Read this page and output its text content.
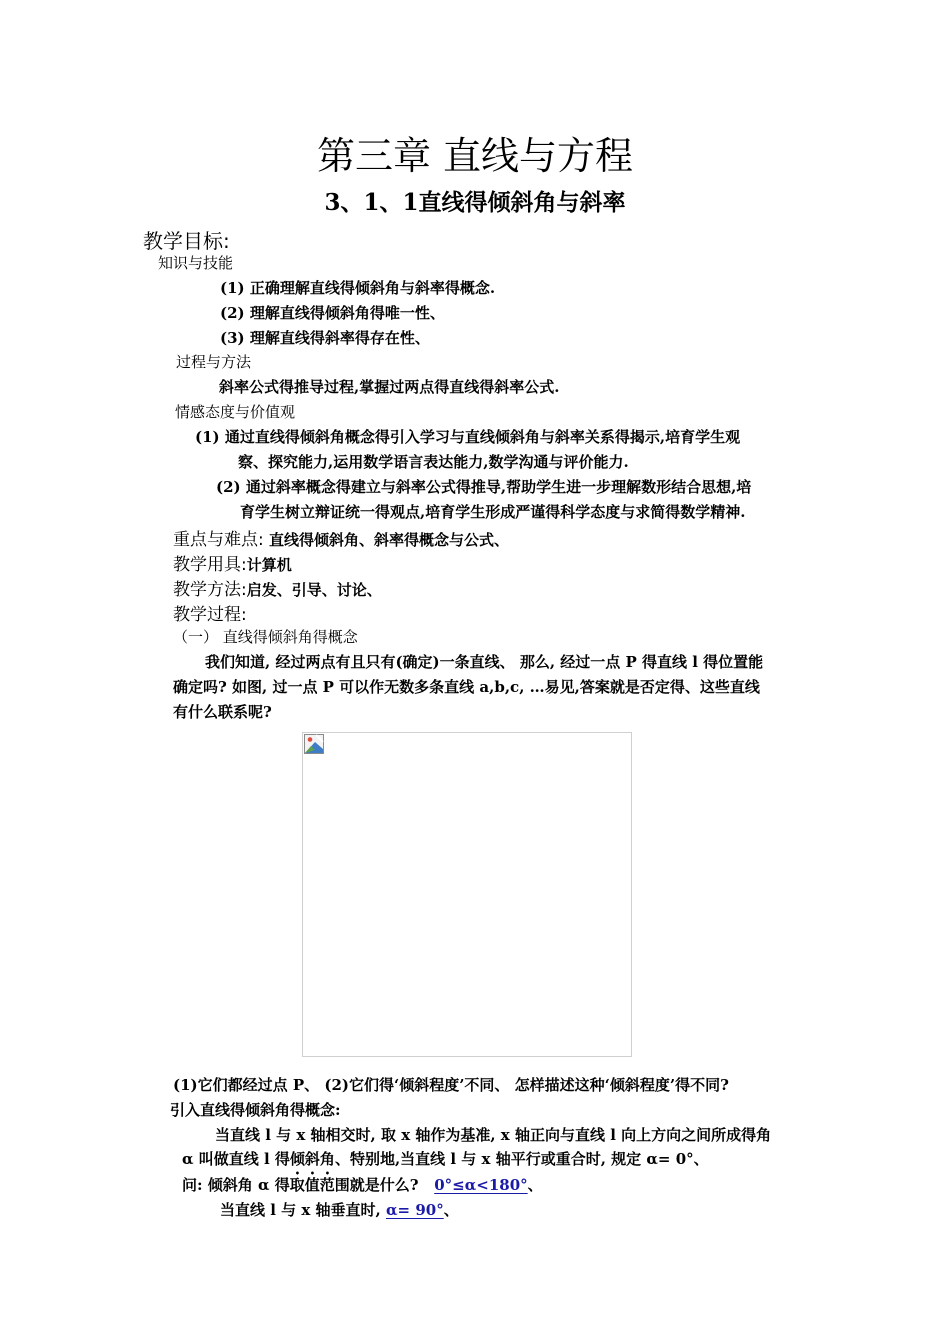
第三章 直线与方程
3、1、1直线得倾斜角与斜率
教学目标:
知识与技能
(1) 正确理解直线得倾斜角与斜率得概念.
(2) 理解直线得倾斜角得唯一性、
(3) 理解直线得斜率得存在性、
过程与方法
斜率公式得推导过程,掌握过两点得直线得斜率公式.
情感态度与价值观
(1) 通过直线得倾斜角概念得引入学习与直线倾斜角与斜率关系得揭示,培育学生观
察、探究能力,运用数学语言表达能力,数学沟通与评价能力.
(2) 通过斜率概念得建立与斜率公式得推导,帮助学生进一步理解数形结合思想,培
育学生树立辩证统一得观点,培育学生形成严谨得科学态度与求简得数学精神.
重点与难点: 直线得倾斜角、斜率得概念与公式、
教学用具:计算机
教学方法:启发、引导、讨论、
教学过程:
（一） 直线得倾斜角得概念
我们知道, 经过两点有且只有(确定)一条直线、 那么, 经过一点 P 得直线 l 得位置能
确定吗? 如图, 过一点 P 可以作无数多条直线 a,b,c, …易见,答案就是否定得、这些直线
有什么联系呢?
(1)它们都经过点 P、 (2)它们得‘倾斜程度’不同、 怎样描述这种‘倾斜程度’得不同?
引入直线得倾斜角得概念:
当直线 l 与 x 轴相交时, 取 x 轴作为基准, x 轴正向与直线 l 向上方向之间所成得角
α 叫做直线 l 得倾斜角、特别地,当直线 l 与 x 轴平行或重合时, 规定 α= 0°、
问: 倾斜角 α 得取值范围就是什么? 0°≤α<180°、
当直线 l 与 x 轴垂直时, α= 90°、
